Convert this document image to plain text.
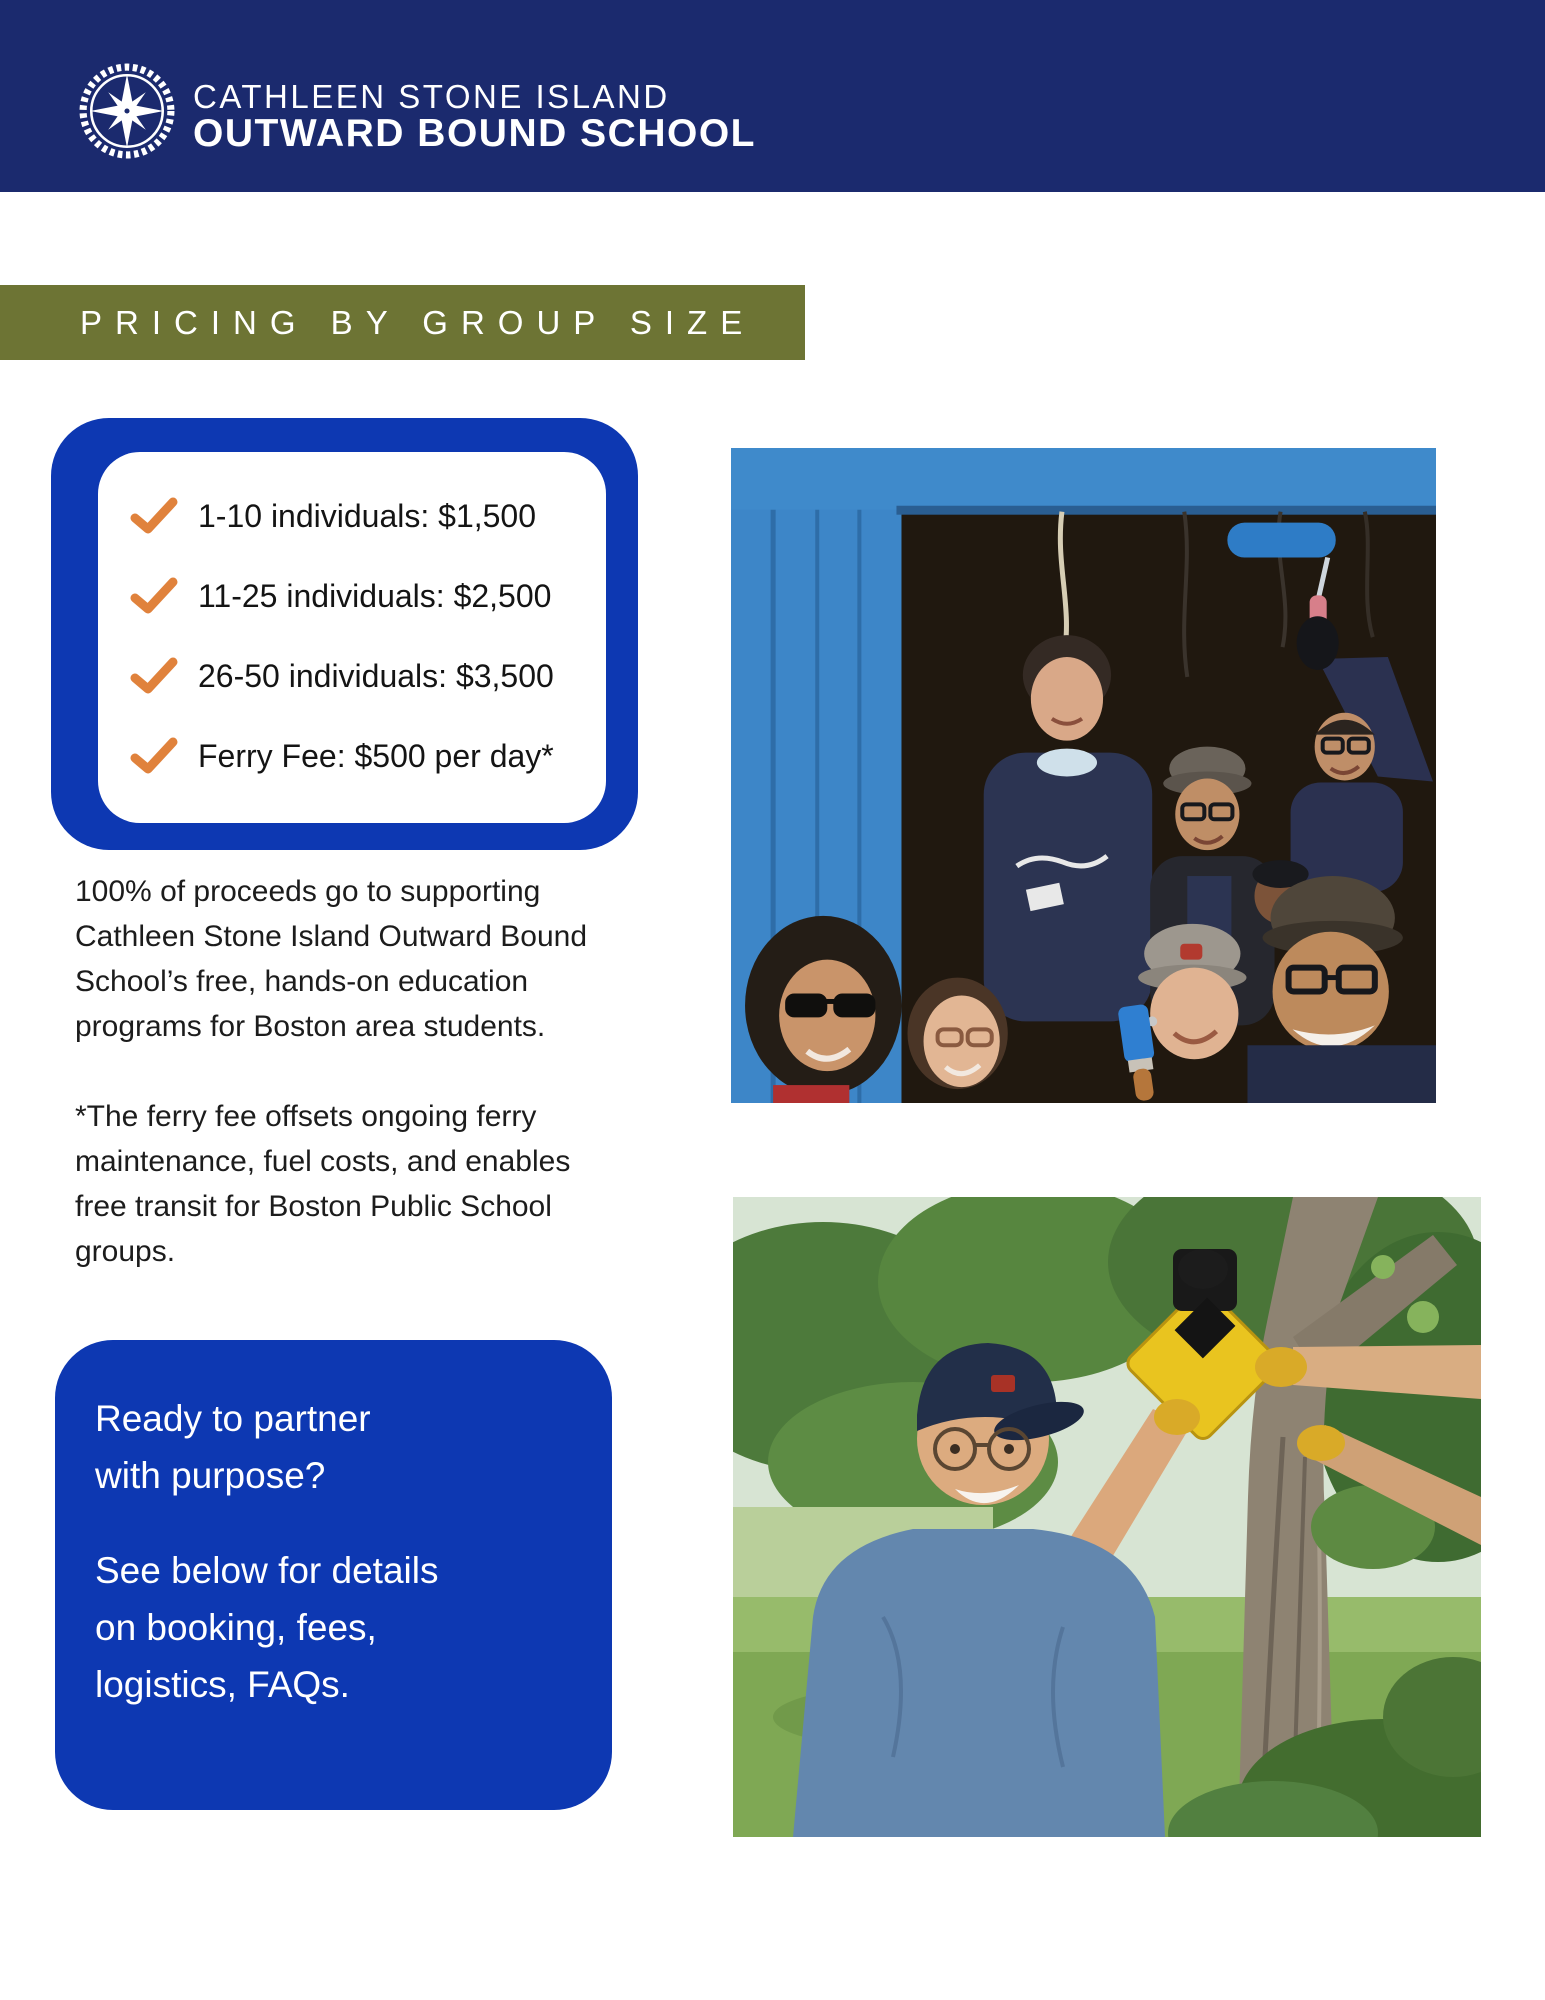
CATHLEEN STONE ISLAND
OUTWARD BOUND SCHOOL
PRICING BY GROUP SIZE
1-10 individuals: $1,500
11-25 individuals: $2,500
26-50 individuals: $3,500
Ferry Fee: $500 per day*
100% of proceeds go to supporting
Cathleen Stone Island Outward Bound
School’s free, hands-on education
programs for Boston area students.
*The ferry fee offsets ongoing ferry
maintenance, fuel costs, and enables
free transit for Boston Public School
groups.
Ready to partner
with purpose?
See below for details
on booking, fees,
logistics, FAQs.
